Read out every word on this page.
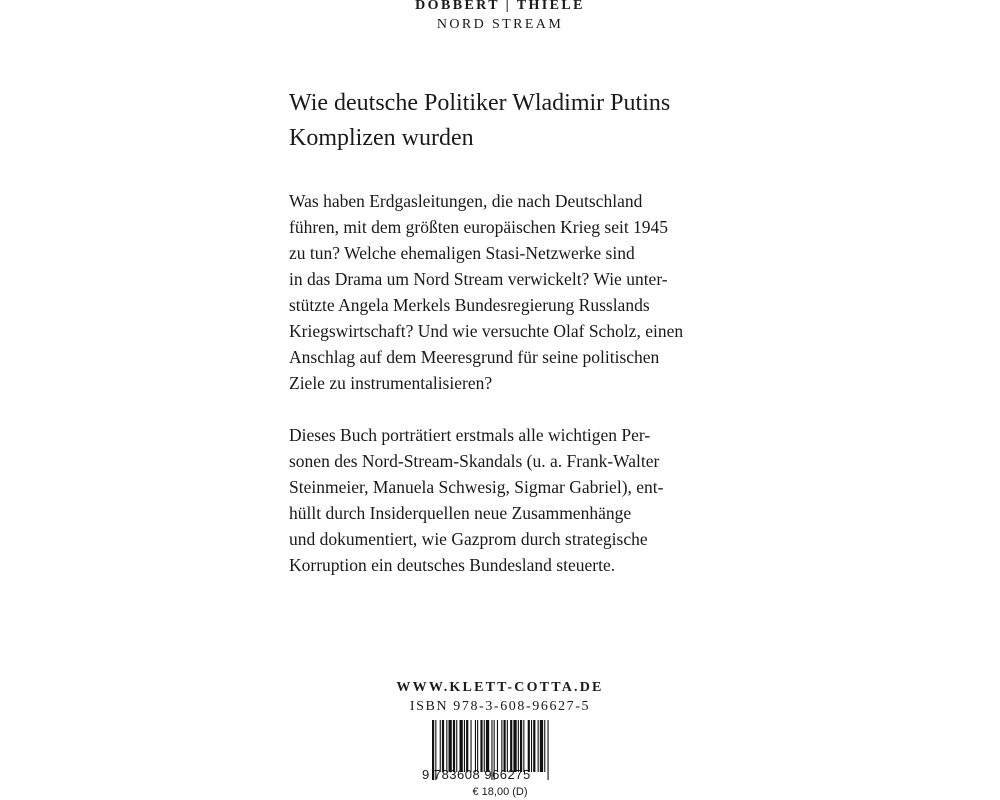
DOBBERT | THIELE
NORD STREAM
Wie deutsche Politiker Wladimir Putins
Komplizen wurden

Was haben Erdgasleitungen, die nach Deutschland
führen, mit dem größten europäischen Krieg seit 1945
zu tun? Welche ehemaligen Stasi-Netzwerke sind
in das Drama um Nord Stream verwickelt? Wie unter-
stützte Angela Merkels Bundesregierung Russlands
Kriegswirtschaft? Und wie versuchte Olaf Scholz, einen
Anschlag auf dem Meeresgrund für seine politischen
Ziele zu instrumentalisieren?

Dieses Buch porträtiert erstmals alle wichtigen Per-
sonen des Nord-Stream-Skandals (u. a. Frank-Walter
Steinmeier, Manuela Schwesig, Sigmar Gabriel), ent-
hüllt durch Insiderquellen neue Zusammenhänge
und dokumentiert, wie Gazprom durch strategische
Korruption ein deutsches Bundesland steuerte.

WWW.KLETT-COTTA.DE
ISBN 978-3-608-96627-5
9 783608 966275
€ 18,00 (D)
